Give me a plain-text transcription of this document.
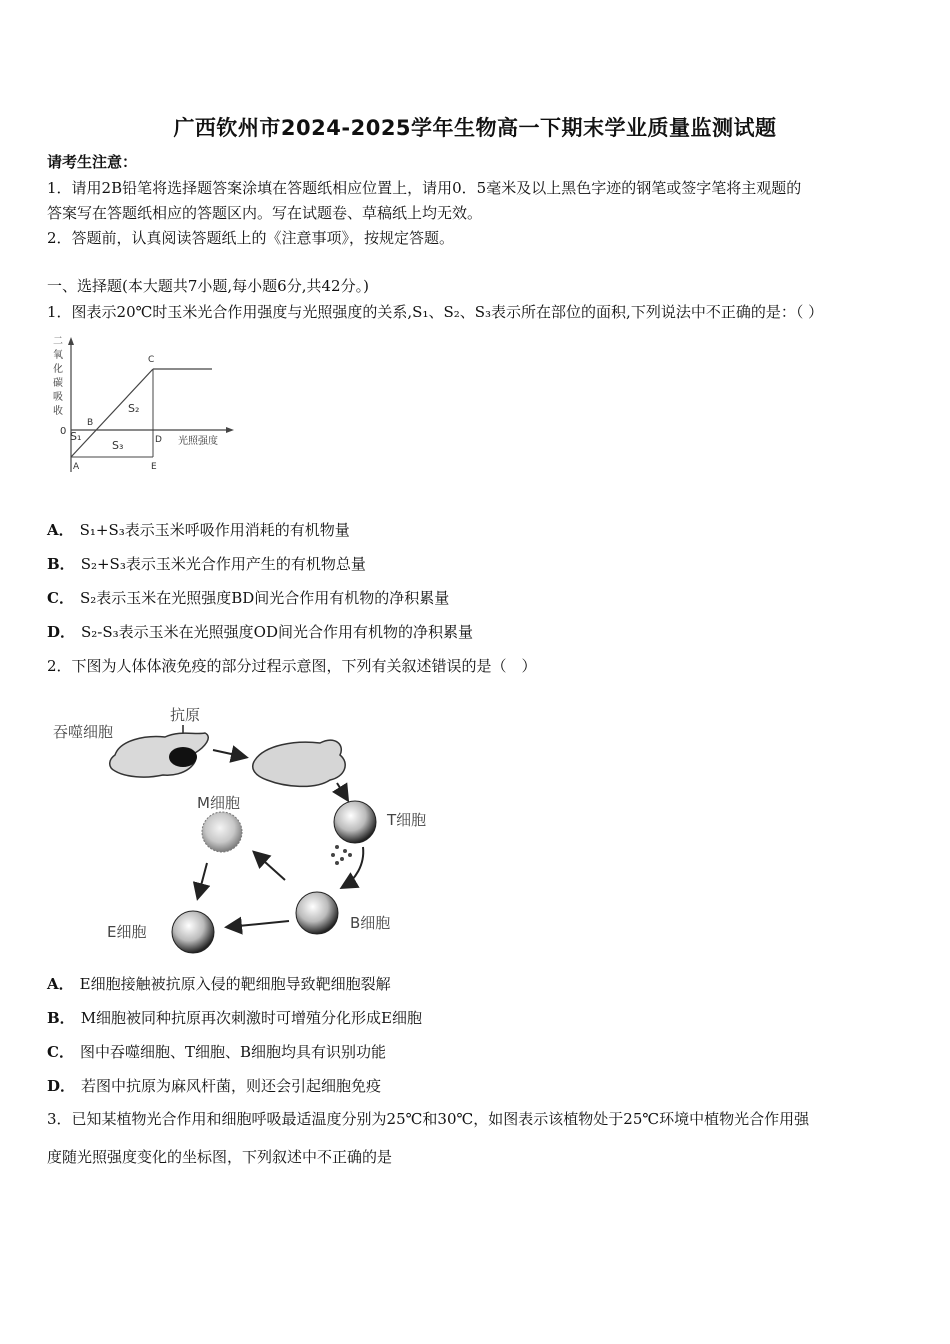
广西钦州市2024-2025学年生物高一下期末学业质量监测试题
请考生注意：
1．请用2B铅笔将选择题答案涂填在答题纸相应位置上，请用0．5毫米及以上黑色字迹的钢笔或签字笔将主观题的
答案写在答题纸相应的答题区内。写在试题卷、草稿纸上均无效。
2．答题前，认真阅读答题纸上的《注意事项》，按规定答题。
一、选择题(本大题共7小题,每小题6分,共42分。)
1．图表示20℃时玉米光合作用强度与光照强度的关系,S₁、S₂、S₃表示所在部位的面积,下列说法中不正确的是：（ ）
二
氧
化
碳
吸
收
0
光照强度
A
B
C
D
E
S₁
S₂
S₃
A． S₁+S₃表示玉米呼吸作用消耗的有机物量
B． S₂+S₃表示玉米光合作用产生的有机物总量
C． S₂表示玉米在光照强度BD间光合作用有机物的净积累量
D． S₂-S₃表示玉米在光照强度OD间光合作用有机物的净积累量
2．下图为人体体液免疫的部分过程示意图，下列有关叙述错误的是（　）
吞噬细胞
抗原
T细胞
B细胞
M细胞
E细胞
A． E细胞接触被抗原入侵的靶细胞导致靶细胞裂解
B． M细胞被同种抗原再次刺激时可增殖分化形成E细胞
C． 图中吞噬细胞、T细胞、B细胞均具有识别功能
D． 若图中抗原为麻风杆菌，则还会引起细胞免疫
3．已知某植物光合作用和细胞呼吸最适温度分别为25℃和30℃，如图表示该植物处于25℃环境中植物光合作用强
度随光照强度变化的坐标图，下列叙述中不正确的是
